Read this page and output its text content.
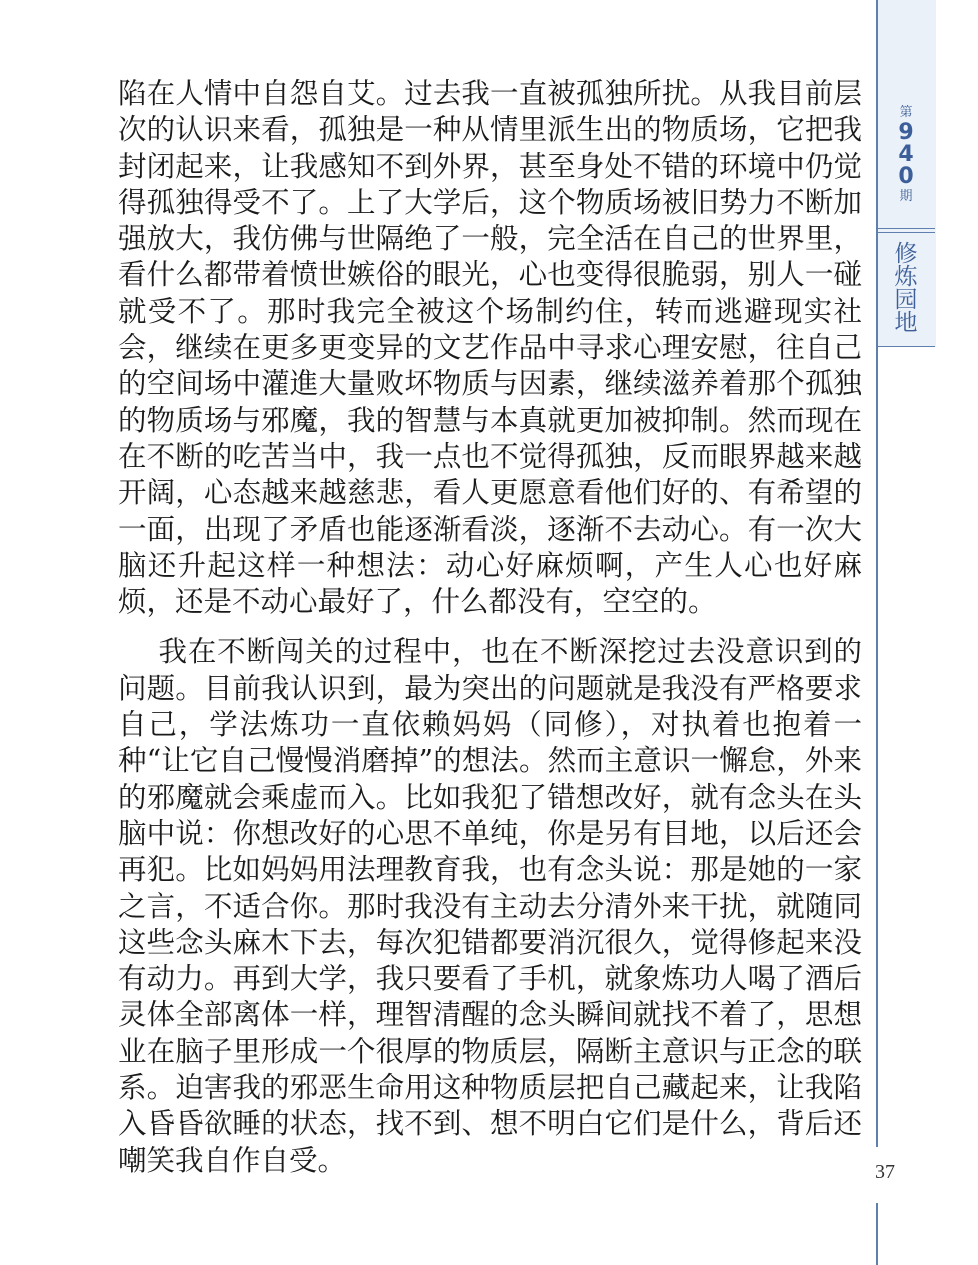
第
9
4
0
期
修
炼
园
地

陷在人情中自怨自艾。过去我一直被孤独所扰。从我目前层次的认识来看，孤独是一种从情里派生出的物质场，它把我封闭起来，让我感知不到外界，甚至身处不错的环境中仍觉得孤独得受不了。上了大学后，这个物质场被旧势力不断加强放大，我仿佛与世隔绝了一般，完全活在自己的世界里，看什么都带着愤世嫉俗的眼光，心也变得很脆弱，别人一碰就受不了。那时我完全被这个场制约住，转而逃避现实社会，继续在更多更变异的文艺作品中寻求心理安慰，往自己的空间场中灌進大量败坏物质与因素，继续滋养着那个孤独的物质场与邪魔，我的智慧与本真就更加被抑制。然而现在在不断的吃苦当中，我一点也不觉得孤独，反而眼界越来越开阔，心态越来越慈悲，看人更愿意看他们好的、有希望的一面，出现了矛盾也能逐渐看淡，逐渐不去动心。有一次大脑还升起这样一种想法：动心好麻烦啊，产生人心也好麻烦，还是不动心最好了，什么都没有，空空的。

我在不断闯关的过程中，也在不断深挖过去没意识到的问题。目前我认识到，最为突出的问题就是我没有严格要求自己，学法炼功一直依赖妈妈（同修），对执着也抱着一种“让它自己慢慢消磨掉”的想法。然而主意识一懈怠，外来的邪魔就会乘虚而入。比如我犯了错想改好，就有念头在头脑中说：你想改好的心思不单纯，你是另有目地，以后还会再犯。比如妈妈用法理教育我，也有念头说：那是她的一家之言，不适合你。那时我没有主动去分清外来干扰，就随同这些念头麻木下去，每次犯错都要消沉很久，觉得修起来没有动力。再到大学，我只要看了手机，就象炼功人喝了酒后灵体全部离体一样，理智清醒的念头瞬间就找不着了，思想业在脑子里形成一个很厚的物质层，隔断主意识与正念的联系。迫害我的邪恶生命用这种物质层把自己藏起来，让我陷入昏昏欲睡的状态，找不到、想不明白它们是什么，背后还嘲笑我自作自受。	37
